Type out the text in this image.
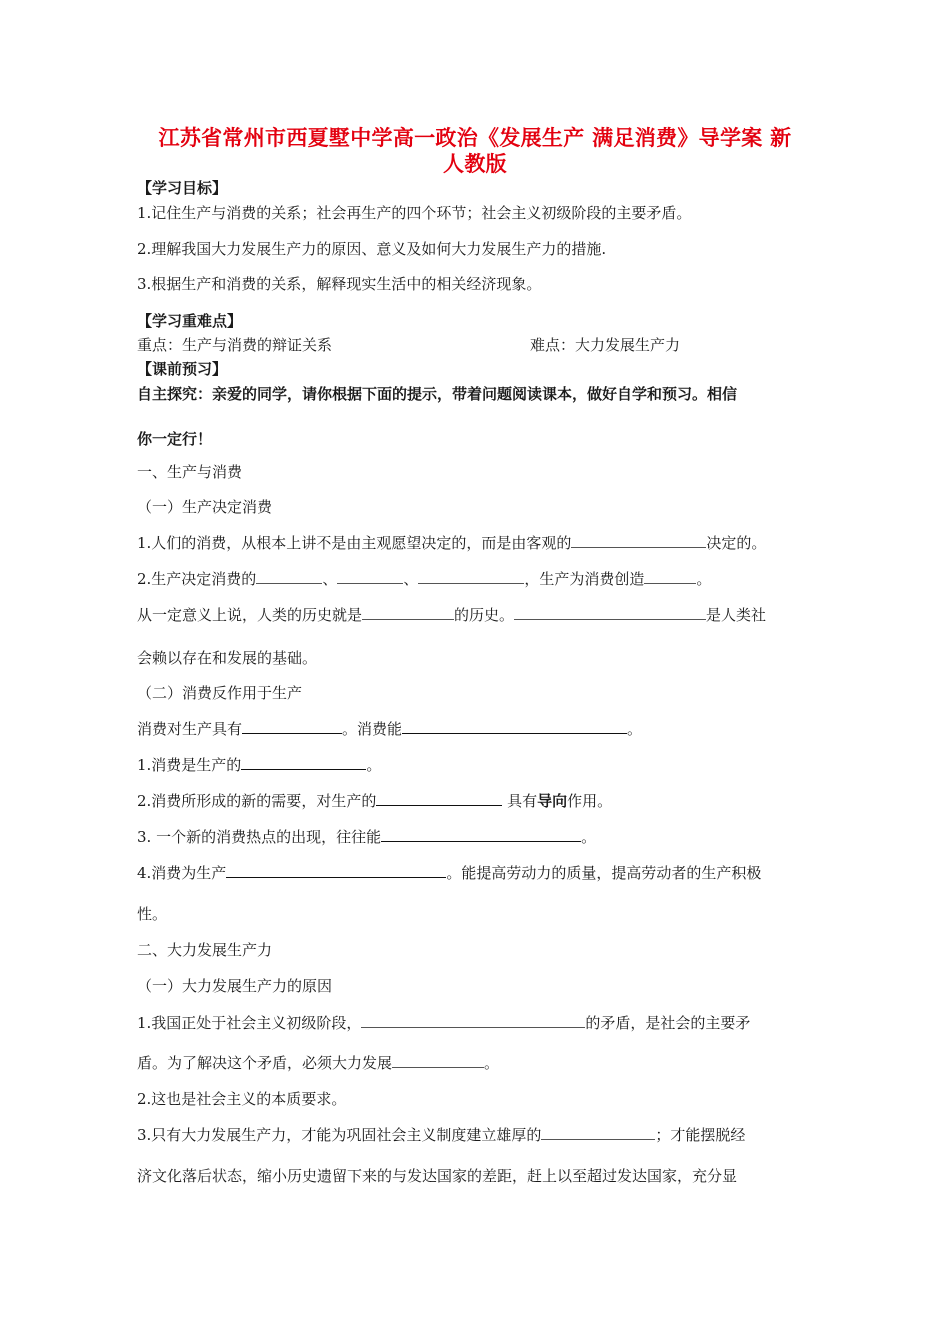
江苏省常州市西夏墅中学高一政治《发展生产 满足消费》导学案 新
人教版
【学习目标】
1.记住生产与消费的关系；社会再生产的四个环节；社会主义初级阶段的主要矛盾。
2.理解我国大力发展生产力的原因、意义及如何大力发展生产力的措施.
3.根据生产和消费的关系，解释现实生活中的相关经济现象。
【学习重难点】
重点：生产与消费的辩证关系	难点：大力发展生产力
【课前预习】
自主探究：亲爱的同学，请你根据下面的提示，带着问题阅读课本，做好自学和预习。相信
你一定行！
一、生产与消费
（一）生产决定消费
1.人们的消费，从根本上讲不是由主观愿望决定的，而是由客观的	决定的。
2.生产决定消费的	、	、	，生产为消费创造	。
从一定意义上说，人类的历史就是	的历史。	是人类社
会赖以存在和发展的基础。
（二）消费反作用于生产
消费对生产具有	。消费能	。
1.消费是生产的	。
2.消费所形成的新的需要，对生产的	具有导向作用。
3. 一个新的消费热点的出现，往往能	。
4.消费为生产	。能提高劳动力的质量，提高劳动者的生产积极
性。
二、大力发展生产力
（一）大力发展生产力的原因
1.我国正处于社会主义初级阶段，	的矛盾，是社会的主要矛
盾。为了解决这个矛盾，必须大力发展	。
2.这也是社会主义的本质要求。
3.只有大力发展生产力，才能为巩固社会主义制度建立雄厚的	；才能摆脱经
济文化落后状态，缩小历史遗留下来的与发达国家的差距，赶上以至超过发达国家，充分显
